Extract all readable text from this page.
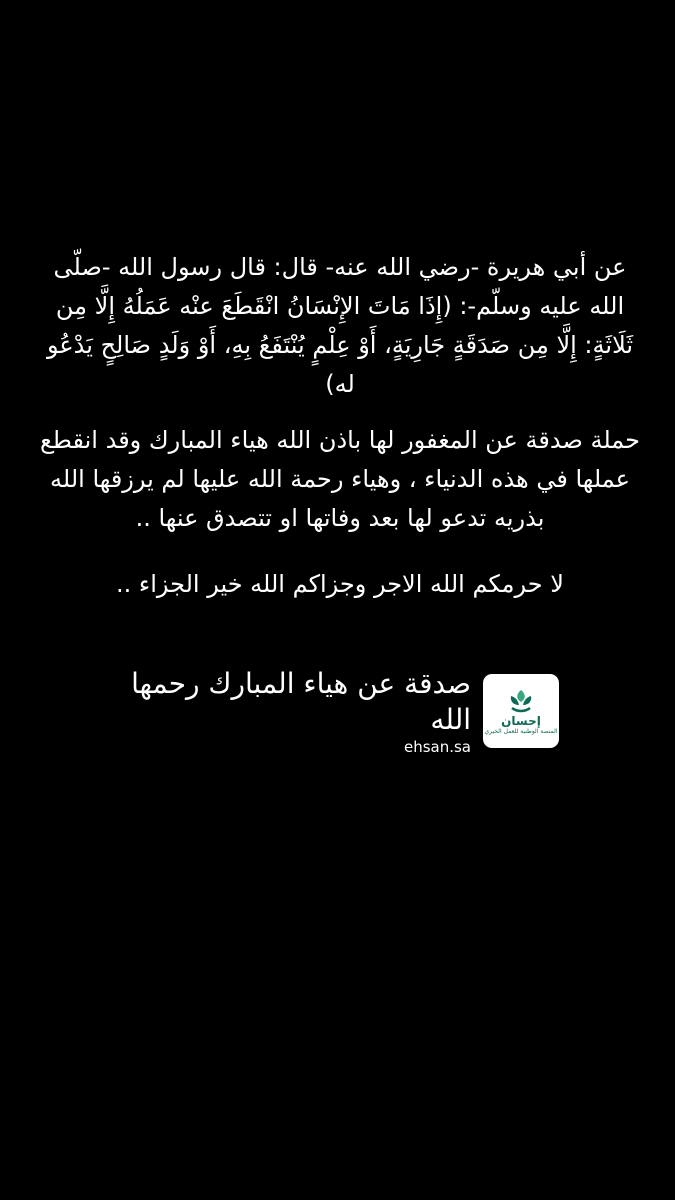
عن أبي هريرة -رضي الله عنه- قال: قال رسول الله -صلّى الله عليه وسلّم-: (إِذَا مَاتَ الإِنْسَانُ انْقَطَعَ عنْه عَمَلُهُ إِلَّا مِن ثَلَاثَةٍ: إِلَّا مِن صَدَقَةٍ جَارِيَةٍ، أَوْ عِلْمٍ يُنْتَفَعُ بِهِ، أَوْ وَلَدٍ صَالِحٍ يَدْعُو له)
حملة صدقة عن المغفور لها باذن الله هياء المبارك وقد انقطع عملها في هذه الدنياء ، وهياء رحمة الله عليها لم يرزقها الله بذريه تدعو لها بعد وفاتها او تتصدق عنها ..
لا حرمكم الله الاجر وجزاكم الله خير الجزاء ..
صدقة عن هياء المبارك رحمها الله
ehsan.sa
إحسان
المنصة الوطنية للعمل الخيري
